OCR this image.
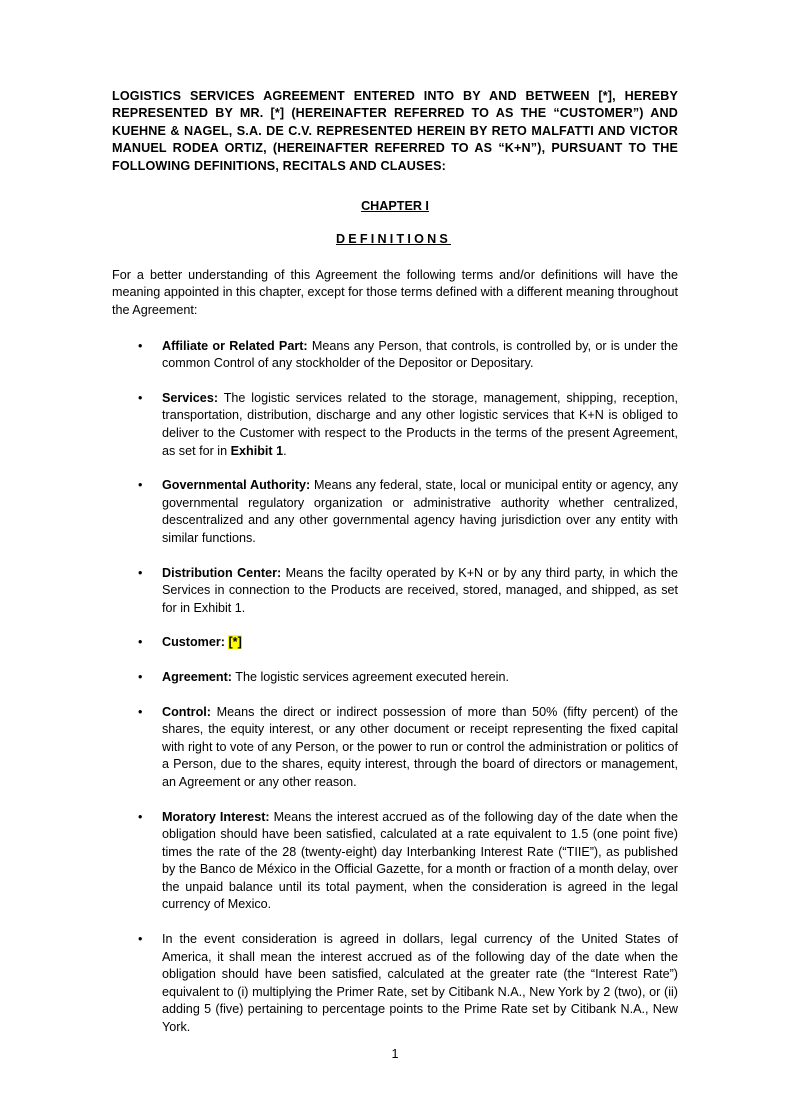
LOGISTICS SERVICES AGREEMENT ENTERED INTO BY AND BETWEEN [*], HEREBY REPRESENTED BY MR. [*] (HEREINAFTER REFERRED TO AS THE “CUSTOMER”) AND KUEHNE & NAGEL, S.A. DE C.V. REPRESENTED HEREIN BY RETO MALFATTI AND VICTOR MANUEL RODEA ORTIZ, (HEREINAFTER REFERRED TO AS “K+N”), PURSUANT TO THE FOLLOWING DEFINITIONS, RECITALS AND CLAUSES:

CHAPTER I
DEFINITIONS

For a better understanding of this Agreement the following terms and/or definitions will have the meaning appointed in this chapter, except for those terms defined with a different meaning throughout the Agreement:

• Affiliate or Related Part: Means any Person, that controls, is controlled by, or is under the common Control of any stockholder of the Depositor or Depositary.
• Services: The logistic services related to the storage, management, shipping, reception, transportation, distribution, discharge and any other logistic services that K+N is obliged to deliver to the Customer with respect to the Products in the terms of the present Agreement, as set for in Exhibit 1.
• Governmental Authority: Means any federal, state, local or municipal entity or agency, any governmental regulatory organization or administrative authority whether centralized, descentralized and any other governmental agency having jurisdiction over any entity with similar functions.
• Distribution Center: Means the facilty operated by K+N or by any third party, in which the Services in connection to the Products are received, stored, managed, and shipped, as set for in Exhibit 1.
• Customer: [*]
• Agreement: The logistic services agreement executed herein.
• Control: Means the direct or indirect possession of more than 50% (fifty percent) of the shares, the equity interest, or any other document or receipt representing the fixed capital with right to vote of any Person, or the power to run or control the administration or politics of a Person, due to the shares, equity interest, through the board of directors or management, an Agreement or any other reason.
• Moratory Interest: Means the interest accrued as of the following day of the date when the obligation should have been satisfied, calculated at a rate equivalent to 1.5 (one point five) times the rate of the 28 (twenty-eight) day Interbanking Interest Rate (“TIIE”), as published by the Banco de México in the Official Gazette, for a month or fraction of a month delay, over the unpaid balance until its total payment, when the consideration is agreed in the legal currency of Mexico.
• In the event consideration is agreed in dollars, legal currency of the United States of America, it shall mean the interest accrued as of the following day of the date when the obligation should have been satisfied, calculated at the greater rate (the “Interest Rate”) equivalent to (i) multiplying the Primer Rate, set by Citibank N.A., New York by 2 (two), or (ii) adding 5 (five) pertaining to percentage points to the Prime Rate set by Citibank N.A., New York.
1
